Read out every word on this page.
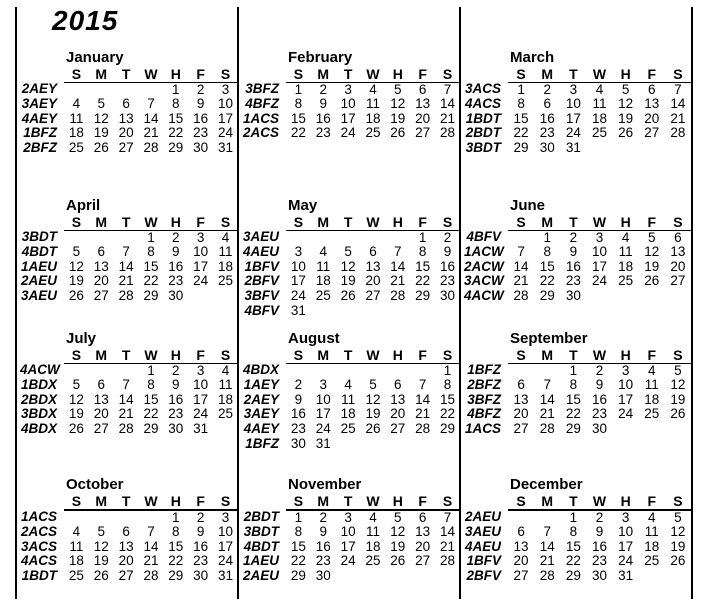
2015
January
	S	M	T	W	H	F	S
2AEY					1	2	3
3AEY	4	5	6	7	8	9	10
4AEY	11	12	13	14	15	16	17
1BFZ	18	19	20	21	22	23	24
2BFZ	25	26	27	28	29	30	31
February
	S	M	T	W	H	F	S
3BFZ	1	2	3	4	5	6	7
4BFZ	8	9	10	11	12	13	14
1ACS	15	16	17	18	19	20	21
2ACS	22	23	24	25	26	27	28
March
	S	M	T	W	H	F	S
3ACS	1	2	3	4	5	6	7
4ACS	8	6	10	11	12	13	14
1BDT	15	16	17	18	19	20	21
2BDT	22	23	24	25	26	27	28
3BDT	29	30	31				
April
	S	M	T	W	H	F	S
3BDT				1	2	3	4
4BDT	5	6	7	8	9	10	11
1AEU	12	13	14	15	16	17	18
2AEU	19	20	21	22	23	24	25
3AEU	26	27	28	29	30		
May
	S	M	T	W	H	F	S
3AEU						1	2
4AEU	3	4	5	6	7	8	9
1BFV	10	11	12	13	14	15	16
2BFV	17	18	19	20	21	22	23
3BFV	24	25	26	27	28	29	30
4BFV	31						
June
	S	M	T	W	H	F	S
4BFV		1	2	3	4	5	6
1ACW	7	8	9	10	11	12	13
2ACW	14	15	16	17	18	19	20
3ACW	21	22	23	24	25	26	27
4ACW	28	29	30				
July
	S	M	T	W	H	F	S
4ACW				1	2	3	4
1BDX	5	6	7	8	9	10	11
2BDX	12	13	14	15	16	17	18
3BDX	19	20	21	22	23	24	25
4BDX	26	27	28	29	30	31	
August
	S	M	T	W	H	F	S
4BDX							1
1AEY	2	3	4	5	6	7	8
2AEY	9	10	11	12	13	14	15
3AEY	16	17	18	19	20	21	22
4AEY	23	24	25	26	27	28	29
1BFZ	30	31					
September
	S	M	T	W	H	F	S
1BFZ			1	2	3	4	5
2BFZ	6	7	8	9	10	11	12
3BFZ	13	14	15	16	17	18	19
4BFZ	20	21	22	23	24	25	26
1ACS	27	28	29	30			
October
	S	M	T	W	H	F	S
1ACS					1	2	3
2ACS	4	5	6	7	8	9	10
3ACS	11	12	13	14	15	16	17
4ACS	18	19	20	21	22	23	24
1BDT	25	26	27	28	29	30	31
November
	S	M	T	W	H	F	S
2BDT	1	2	3	4	5	6	7
3BDT	8	9	10	11	12	13	14
4BDT	15	16	17	18	19	20	21
1AEU	22	23	24	25	26	27	28
2AEU	29	30					
December
	S	M	T	W	H	F	S
2AEU			1	2	3	4	5
3AEU	6	7	8	9	10	11	12
4AEU	13	14	15	16	17	18	19
1BFV	20	21	22	23	24	25	26
2BFV	27	28	29	30	31		
